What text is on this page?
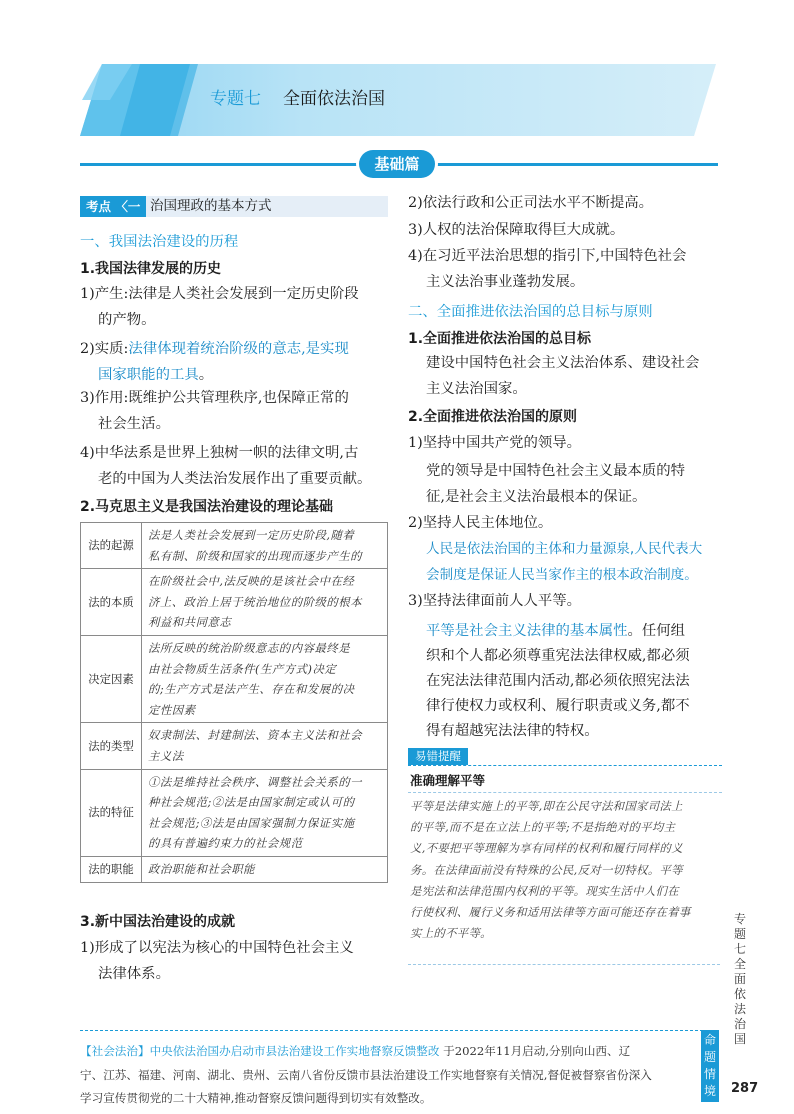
专题七 全面依法治国
基础篇
考点 〈一 治国理政的基本方式
一、我国法治建设的历程
1.我国法律发展的历史
1)产生:法律是人类社会发展到一定历史阶段
的产物。
2)实质:法律体现着统治阶级的意志,是实现
国家职能的工具。
3)作用:既维护公共管理秩序,也保障正常的
社会生活。
4)中华法系是世界上独树一帜的法律文明,古
老的中国为人类法治发展作出了重要贡献。
2.马克思主义是我国法治建设的理论基础
法的起源	法是人类社会发展到一定历史阶段,随着
私有制、阶级和国家的出现而逐步产生的

法的本质	在阶级社会中,法反映的是该社会中在经
济上、政治上居于统治地位的阶级的根本
利益和共同意志

决定因素	法所反映的统治阶级意志的内容最终是
由社会物质生活条件(生产方式)决定
的;生产方式是法产生、存在和发展的决
定性因素

法的类型	奴隶制法、封建制法、资本主义法和社会
主义法

法的特征	①法是维持社会秩序、调整社会关系的一
种社会规范;②法是由国家制定或认可的
社会规范;③法是由国家强制力保证实施
的具有普遍约束力的社会规范

法的职能	政治职能和社会职能
3.新中国法治建设的成就
1)形成了以宪法为核心的中国特色社会主义
法律体系。
2)依法行政和公正司法水平不断提高。
3)人权的法治保障取得巨大成就。
4)在习近平法治思想的指引下,中国特色社会
主义法治事业蓬勃发展。
二、全面推进依法治国的总目标与原则
1.全面推进依法治国的总目标
建设中国特色社会主义法治体系、建设社会
主义法治国家。
2.全面推进依法治国的原则
1)坚持中国共产党的领导。
党的领导是中国特色社会主义最本质的特
征,是社会主义法治最根本的保证。
2)坚持人民主体地位。
人民是依法治国的主体和力量源泉,人民代表大
会制度是保证人民当家作主的根本政治制度。
3)坚持法律面前人人平等。
平等是社会主义法律的基本属性。任何组
织和个人都必须尊重宪法法律权威,都必须
在宪法法律范围内活动,都必须依照宪法法
律行使权力或权利、履行职责或义务,都不
得有超越宪法法律的特权。
易错提醒
准确理解平等
平等是法律实施上的平等,即在公民守法和国家司法上
的平等,而不是在立法上的平等;不是指绝对的平均主
义,不要把平等理解为享有同样的权利和履行同样的义
务。在法律面前没有特殊的公民,反对一切特权。平等
是宪法和法律范围内权利的平等。现实生活中人们在
行使权利、履行义务和适用法律等方面可能还存在着事
实上的不平等。
专题七 全面依法治国
【社会法治】中央依法治国办启动市县法治建设工作实地督察反馈整改 于2022年11月启动,分别向山西、辽
宁、江苏、福建、河南、湖北、贵州、云南八省份反馈市县法治建设工作实地督察有关情况,督促被督察省份深入
学习宣传贯彻党的二十大精神,推动督察反馈问题得到切实有效整改。
命题情境 287
